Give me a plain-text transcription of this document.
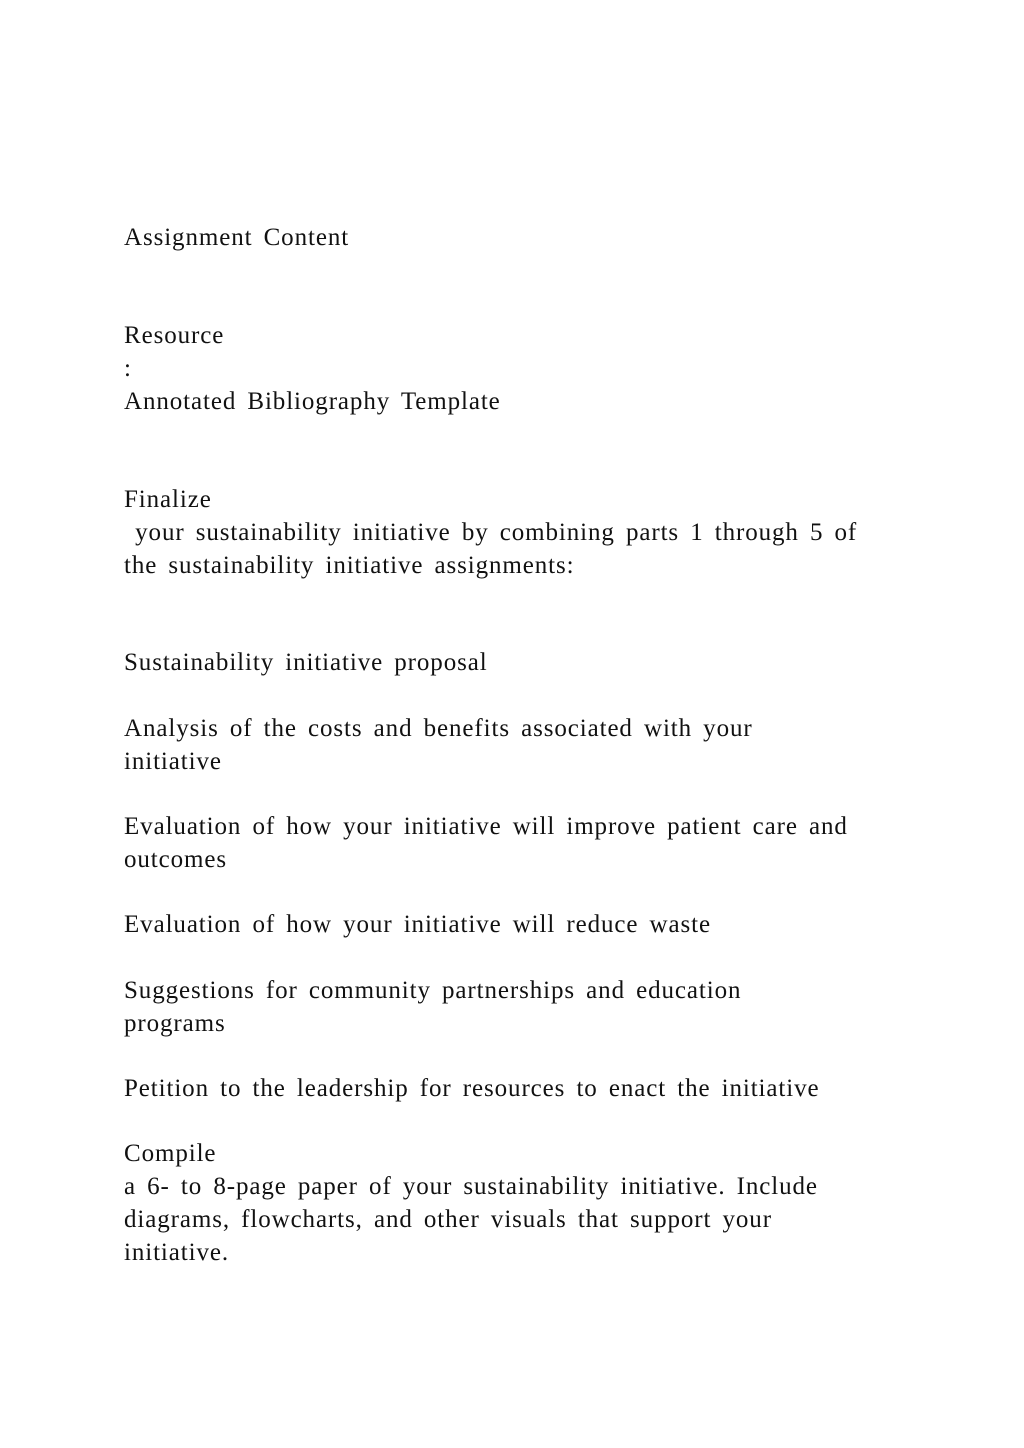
Assignment Content
Resource
:
Annotated Bibliography Template
Finalize
your sustainability initiative by combining parts 1 through 5 of
the sustainability initiative assignments:
Sustainability initiative proposal
Analysis of the costs and benefits associated with your
initiative
Evaluation of how your initiative will improve patient care and
outcomes
Evaluation of how your initiative will reduce waste
Suggestions for community partnerships and education
programs
Petition to the leadership for resources to enact the initiative
Compile
a 6- to 8-page paper of your sustainability initiative. Include
diagrams, flowcharts, and other visuals that support your
initiative.
